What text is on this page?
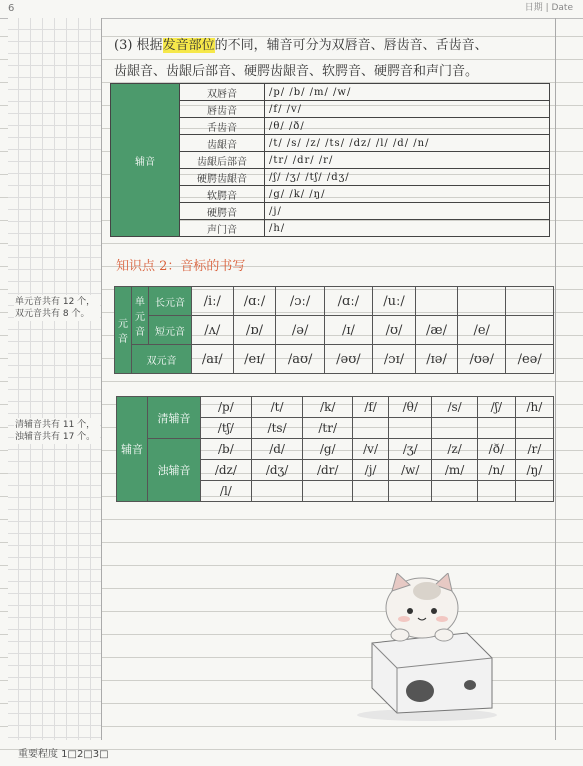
6	日期 | Date
单元音共有 12 个，双元音共有 8 个。
清辅音共有 11 个，浊辅音共有 17 个。
(3) 根据发音部位的不同，辅音可分为双唇音、唇齿音、舌齿音、
齿龈音、齿龈后部音、硬腭齿龈音、软腭音、硬腭音和声门音。
辅音	双唇音	/p/ /b/ /m/ /w/
	唇齿音	/f/ /v/
	舌齿音	/θ/ /ð/
	齿龈音	/t/ /s/ /z/ /ts/ /dz/ /l/ /d/ /n/
	齿龈后部音	/tr/ /dr/ /r/
	硬腭齿龈音	/ʃ/ /ʒ/ /tʃ/ /dʒ/
	软腭音	/g/ /k/ /ŋ/
	硬腭音	/j/
	声门音	/h/
知识点 2：音标的书写
元音	单元音	长元音	/iː/	/ɑː/	/ɔː/	/ɑː/	/uː/			
		短元音	/ʌ/	/ɒ/	/ə/	/ɪ/	/ʊ/	/æ/	/e/	
	双元音		/aɪ/	/eɪ/	/aʊ/	/əʊ/	/ɔɪ/	/ɪə/	/ʊə/	/eə/
辅音	清辅音	/p/	/t/	/k/	/f/	/θ/	/s/	/ʃ/	/h/
		/tʃ/	/ts/	/tr/					
	浊辅音	/b/	/d/	/g/	/v/	/ʒ/	/z/	/ð/	/r/
		/dz/	/dʒ/	/dr/	/j/	/w/	/m/	/n/	/ŋ/
		/l/							
重要程度 1□2□3□
